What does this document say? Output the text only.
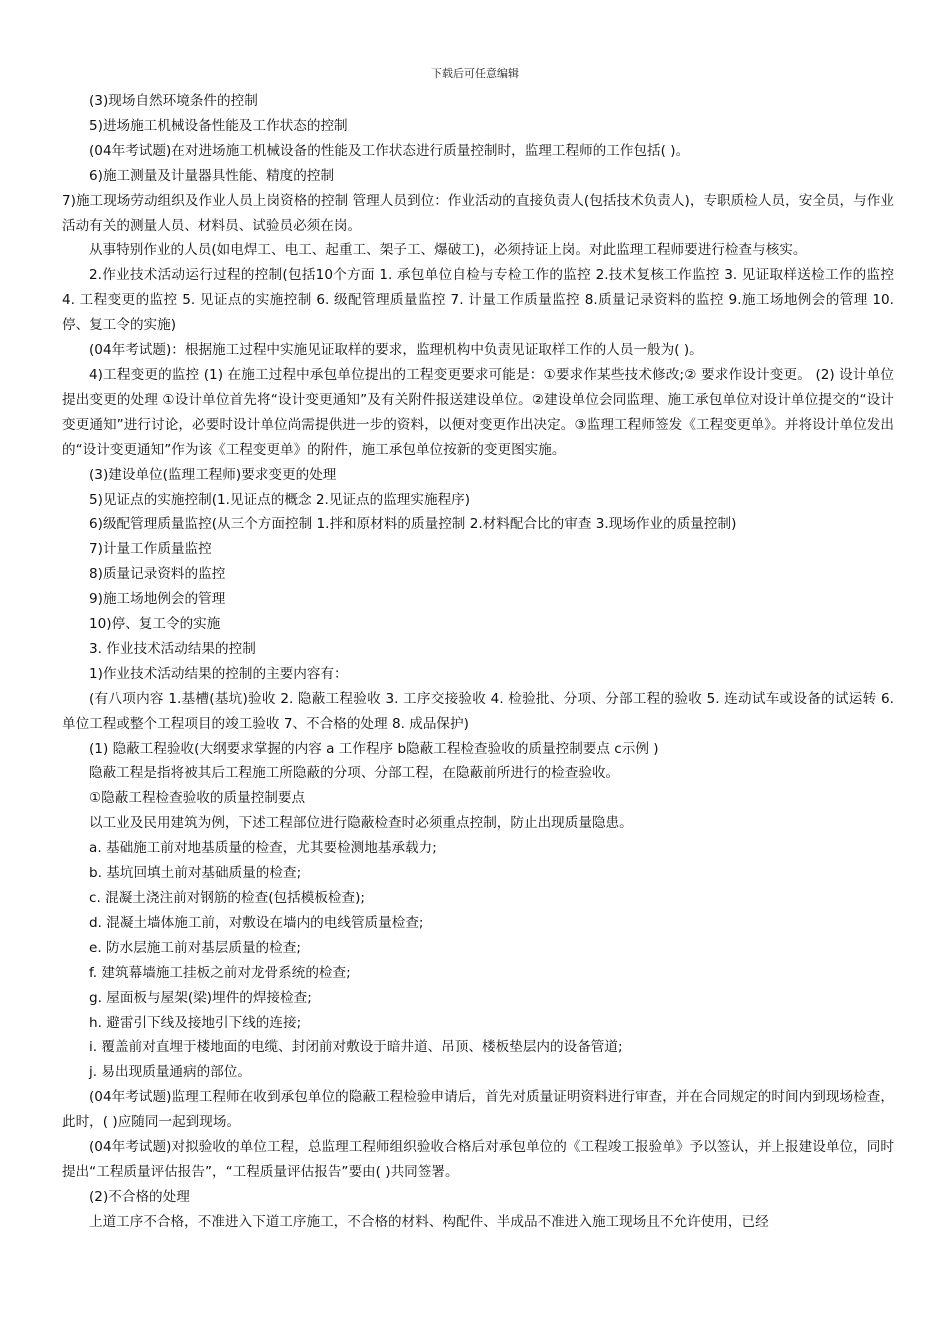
下载后可任意编辑

(3)现场自然环境条件的控制

5)进场施工机械设备性能及工作状态的控制

(04年考试题)在对进场施工机械设备的性能及工作状态进行质量控制时，监理工程师的工作包括( )。

6)施工测量及计量器具性能、精度的控制

7)施工现场劳动组织及作业人员上岗资格的控制 管理人员到位：作业活动的直接负责人(包括技术负责人)，专职质检人员，安全员，与作业活动有关的测量人员、材料员、试验员必须在岗。

从事特别作业的人员(如电焊工、电工、起重工、架子工、爆破工)，必须持证上岗。对此监理工程师要进行检查与核实。

2.作业技术活动运行过程的控制(包括10个方面 1. 承包单位自检与专检工作的监控 2.技术复核工作监控 3. 见证取样送检工作的监控 4. 工程变更的监控 5. 见证点的实施控制 6. 级配管理质量监控 7. 计量工作质量监控 8.质量记录资料的监控 9.施工场地例会的管理 10.停、复工令的实施)

(04年考试题)：根据施工过程中实施见证取样的要求，监理机构中负责见证取样工作的人员一般为( )。

4)工程变更的监控 (1) 在施工过程中承包单位提出的工程变更要求可能是：①要求作某些技术修改;② 要求作设计变更。 (2) 设计单位提出变更的处理 ①设计单位首先将“设计变更通知”及有关附件报送建设单位。②建设单位会同监理、施工承包单位对设计单位提交的“设计变更通知”进行讨论，必要时设计单位尚需提供进一步的资料，以便对变更作出决定。③监理工程师签发《工程变更单》。并将设计单位发出的“设计变更通知”作为该《工程变更单》的附件，施工承包单位按新的变更图实施。

(3)建设单位(监理工程师)要求变更的处理

5)见证点的实施控制(1.见证点的概念 2.见证点的监理实施程序)

6)级配管理质量监控(从三个方面控制 1.拌和原材料的质量控制 2.材料配合比的审查 3.现场作业的质量控制)

7)计量工作质量监控

8)质量记录资料的监控

9)施工场地例会的管理

10)停、复工令的实施

3. 作业技术活动结果的控制

1)作业技术活动结果的控制的主要内容有：

(有八项内容 1.基槽(基坑)验收 2. 隐蔽工程验收 3. 工序交接验收 4. 检验批、分项、分部工程的验收 5. 连动试车或设备的试运转 6. 单位工程或整个工程项目的竣工验收 7、不合格的处理 8. 成品保护)

(1) 隐蔽工程验收(大纲要求掌握的内容 a 工作程序 b隐蔽工程检查验收的质量控制要点 c示例 )

隐蔽工程是指将被其后工程施工所隐蔽的分项、分部工程，在隐蔽前所进行的检查验收。

①隐蔽工程检查验收的质量控制要点

以工业及民用建筑为例，下述工程部位进行隐蔽检查时必须重点控制，防止出现质量隐患。

a. 基础施工前对地基质量的检查，尤其要检测地基承载力;

b. 基坑回填土前对基础质量的检查;

c. 混凝土浇注前对钢筋的检查(包括模板检查);

d. 混凝土墙体施工前，对敷设在墙内的电线管质量检查;

e. 防水层施工前对基层质量的检查;

f. 建筑幕墙施工挂板之前对龙骨系统的检查;

g. 屋面板与屋架(梁)埋件的焊接检查;

h. 避雷引下线及接地引下线的连接;

i. 覆盖前对直埋于楼地面的电缆、封闭前对敷设于暗井道、吊顶、楼板垫层内的设备管道;

j. 易出现质量通病的部位。

(04年考试题)监理工程师在收到承包单位的隐蔽工程检验申请后，首先对质量证明资料进行审查，并在合同规定的时间内到现场检查，此时，( )应随同一起到现场。

(04年考试题)对拟验收的单位工程，总监理工程师组织验收合格后对承包单位的《工程竣工报验单》予以签认，并上报建设单位，同时提出“工程质量评估报告”，“工程质量评估报告”要由( )共同签署。

(2)不合格的处理

上道工序不合格，不准进入下道工序施工，不合格的材料、构配件、半成品不准进入施工现场且不允许使用，已经
